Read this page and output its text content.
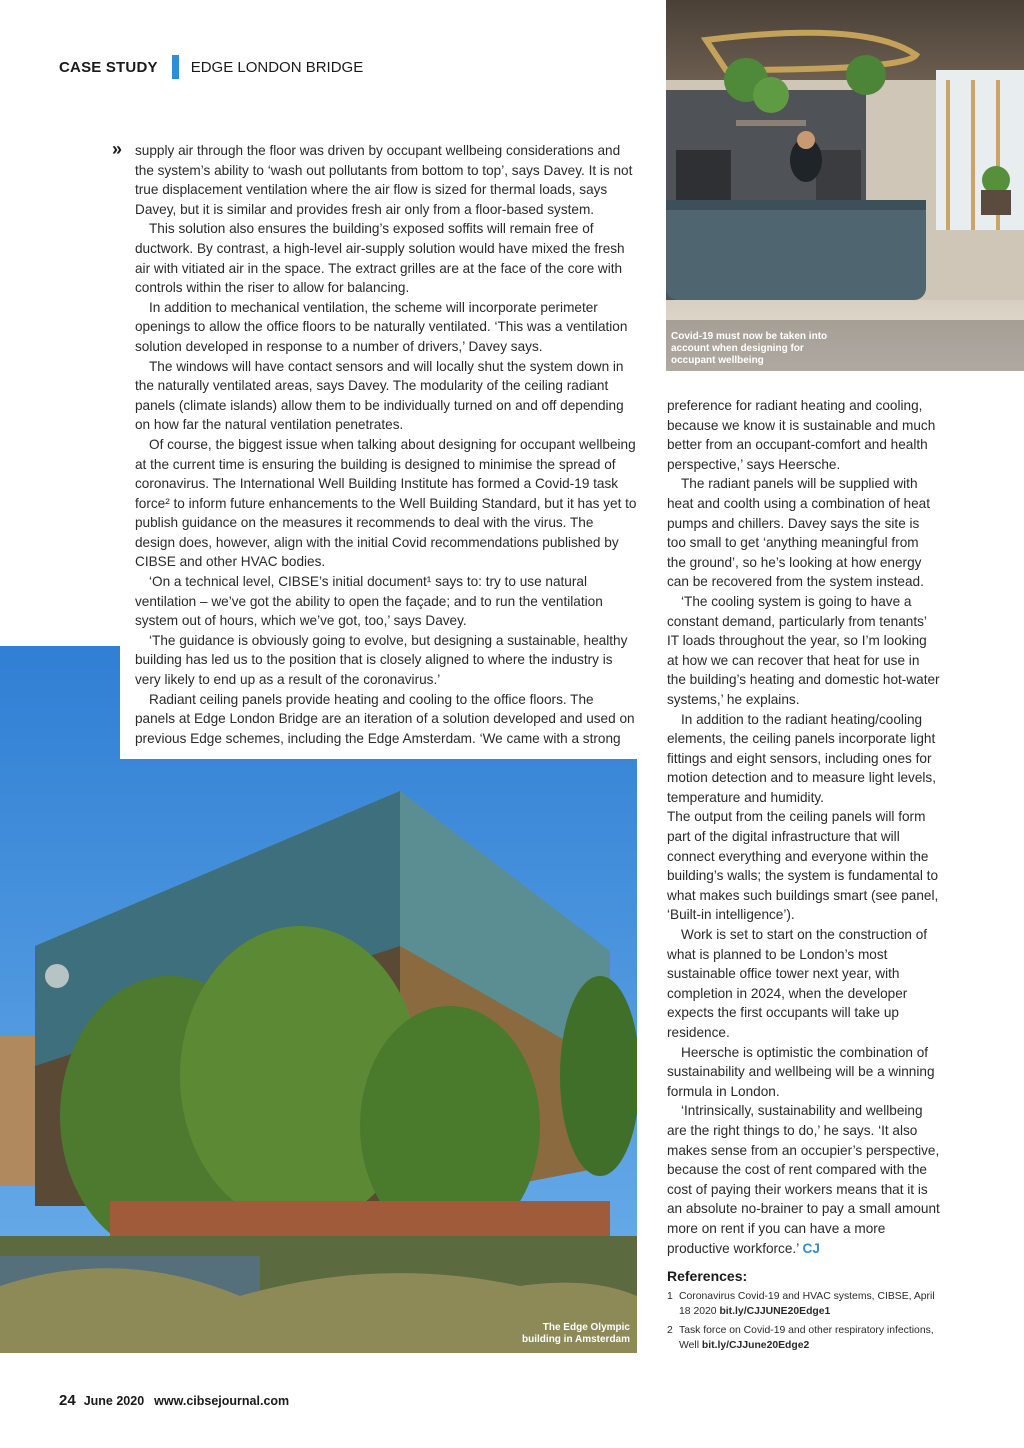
CASE STUDY EDGE LONDON BRIDGE
Covid-19 must now be taken into account when designing for occupant wellbeing
The Edge Olympic building in Amsterdam
» supply air through the floor was driven by occupant wellbeing considerations and the system’s ability to ‘wash out pollutants from bottom to top’, says Davey. It is not true displacement ventilation where the air flow is sized for thermal loads, says Davey, but it is similar and provides fresh air only from a floor-based system.

This solution also ensures the building’s exposed soffits will remain free of ductwork. By contrast, a high-level air-supply solution would have mixed the fresh air with vitiated air in the space. The extract grilles are at the face of the core with controls within the riser to allow for balancing.

In addition to mechanical ventilation, the scheme will incorporate perimeter openings to allow the office floors to be naturally ventilated. ‘This was a ventilation solution developed in response to a number of drivers,’ Davey says.

The windows will have contact sensors and will locally shut the system down in the naturally ventilated areas, says Davey. The modularity of the ceiling radiant panels (climate islands) allow them to be individually turned on and off depending on how far the natural ventilation penetrates.

Of course, the biggest issue when talking about designing for occupant wellbeing at the current time is ensuring the building is designed to minimise the spread of coronavirus. The International Well Building Institute has formed a Covid-19 task force² to inform future enhancements to the Well Building Standard, but it has yet to publish guidance on the measures it recommends to deal with the virus. The design does, however, align with the initial Covid recommendations published by CIBSE and other HVAC bodies.

‘On a technical level, CIBSE’s initial document¹ says to: try to use natural ventilation – we’ve got the ability to open the façade; and to run the ventilation system out of hours, which we’ve got, too,’ says Davey.

‘The guidance is obviously going to evolve, but designing a sustainable, healthy building has led us to the position that is closely aligned to where the industry is very likely to end up as a result of the coronavirus.’

Radiant ceiling panels provide heating and cooling to the office floors. The panels at Edge London Bridge are an iteration of a solution developed and used on previous Edge schemes, including the Edge Amsterdam. ‘We came with a strong

preference for radiant heating and cooling, because we know it is sustainable and much better from an occupant-comfort and health perspective,’ says Heersche.

The radiant panels will be supplied with heat and coolth using a combination of heat pumps and chillers. Davey says the site is too small to get ‘anything meaningful from the ground’, so he’s looking at how energy can be recovered from the system instead.

‘The cooling system is going to have a constant demand, particularly from tenants’ IT loads throughout the year, so I’m looking at how we can recover that heat for use in the building’s heating and domestic hot-water systems,’ he explains.

In addition to the radiant heating/cooling elements, the ceiling panels incorporate light fittings and eight sensors, including ones for motion detection and to measure light levels, temperature and humidity.

The output from the ceiling panels will form part of the digital infrastructure that will connect everything and everyone within the building’s walls; the system is fundamental to what makes such buildings smart (see panel, ‘Built-in intelligence’).

Work is set to start on the construction of what is planned to be London’s most sustainable office tower next year, with completion in 2024, when the developer expects the first occupants will take up residence.

Heersche is optimistic the combination of sustainability and wellbeing will be a winning formula in London.

‘Intrinsically, sustainability and wellbeing are the right things to do,’ he says. ‘It also makes sense from an occupier’s perspective, because the cost of rent compared with the cost of paying their workers means that it is an absolute no-brainer to pay a small amount more on rent if you can have a more productive workforce.’ CJ

References:
1 Coronavirus Covid-19 and HVAC systems, CIBSE, April 18 2020 bit.ly/CJJUNE20Edge1
2 Task force on Covid-19 and other respiratory infections, Well bit.ly/CJJune20Edge2
24 June 2020 www.cibsejournal.com
